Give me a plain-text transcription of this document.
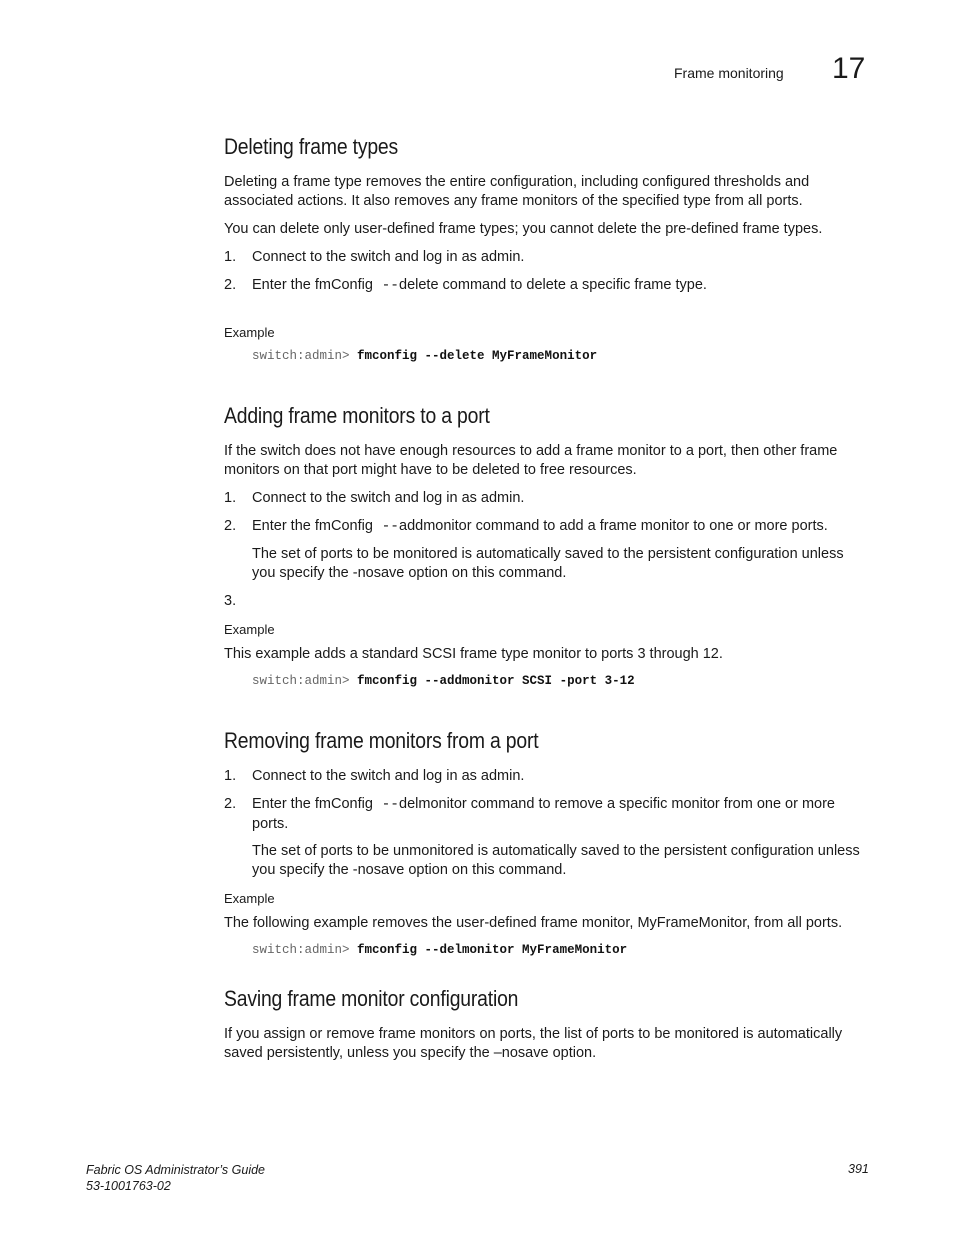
Frame monitoring 17
Deleting frame types

Deleting a frame type removes the entire configuration, including configured thresholds and associated actions. It also removes any frame monitors of the specified type from all ports.

You can delete only user-defined frame types; you cannot delete the pre-defined frame types.

1. Connect to the switch and log in as admin.
2. Enter the fmConfig --delete command to delete a specific frame type.
Example
switch:admin> fmconfig --delete MyFrameMonitor
Adding frame monitors to a port

If the switch does not have enough resources to add a frame monitor to a port, then other frame monitors on that port might have to be deleted to free resources.

1. Connect to the switch and log in as admin.
2. Enter the fmConfig --addmonitor command to add a frame monitor to one or more ports.
The set of ports to be monitored is automatically saved to the persistent configuration unless you specify the -nosave option on this command.
3.
Example

This example adds a standard SCSI frame type monitor to ports 3 through 12.

switch:admin> fmconfig --addmonitor SCSI -port 3-12
Removing frame monitors from a port
1. Connect to the switch and log in as admin.
2. Enter the fmConfig --delmonitor command to remove a specific monitor from one or more ports.
The set of ports to be unmonitored is automatically saved to the persistent configuration unless you specify the -nosave option on this command.
Example

The following example removes the user-defined frame monitor, MyFrameMonitor, from all ports.

switch:admin> fmconfig --delmonitor MyFrameMonitor
Saving frame monitor configuration

If you assign or remove frame monitors on ports, the list of ports to be monitored is automatically saved persistently, unless you specify the –nosave option.

Fabric OS Administrator’s Guide
53-1001763-02
391
